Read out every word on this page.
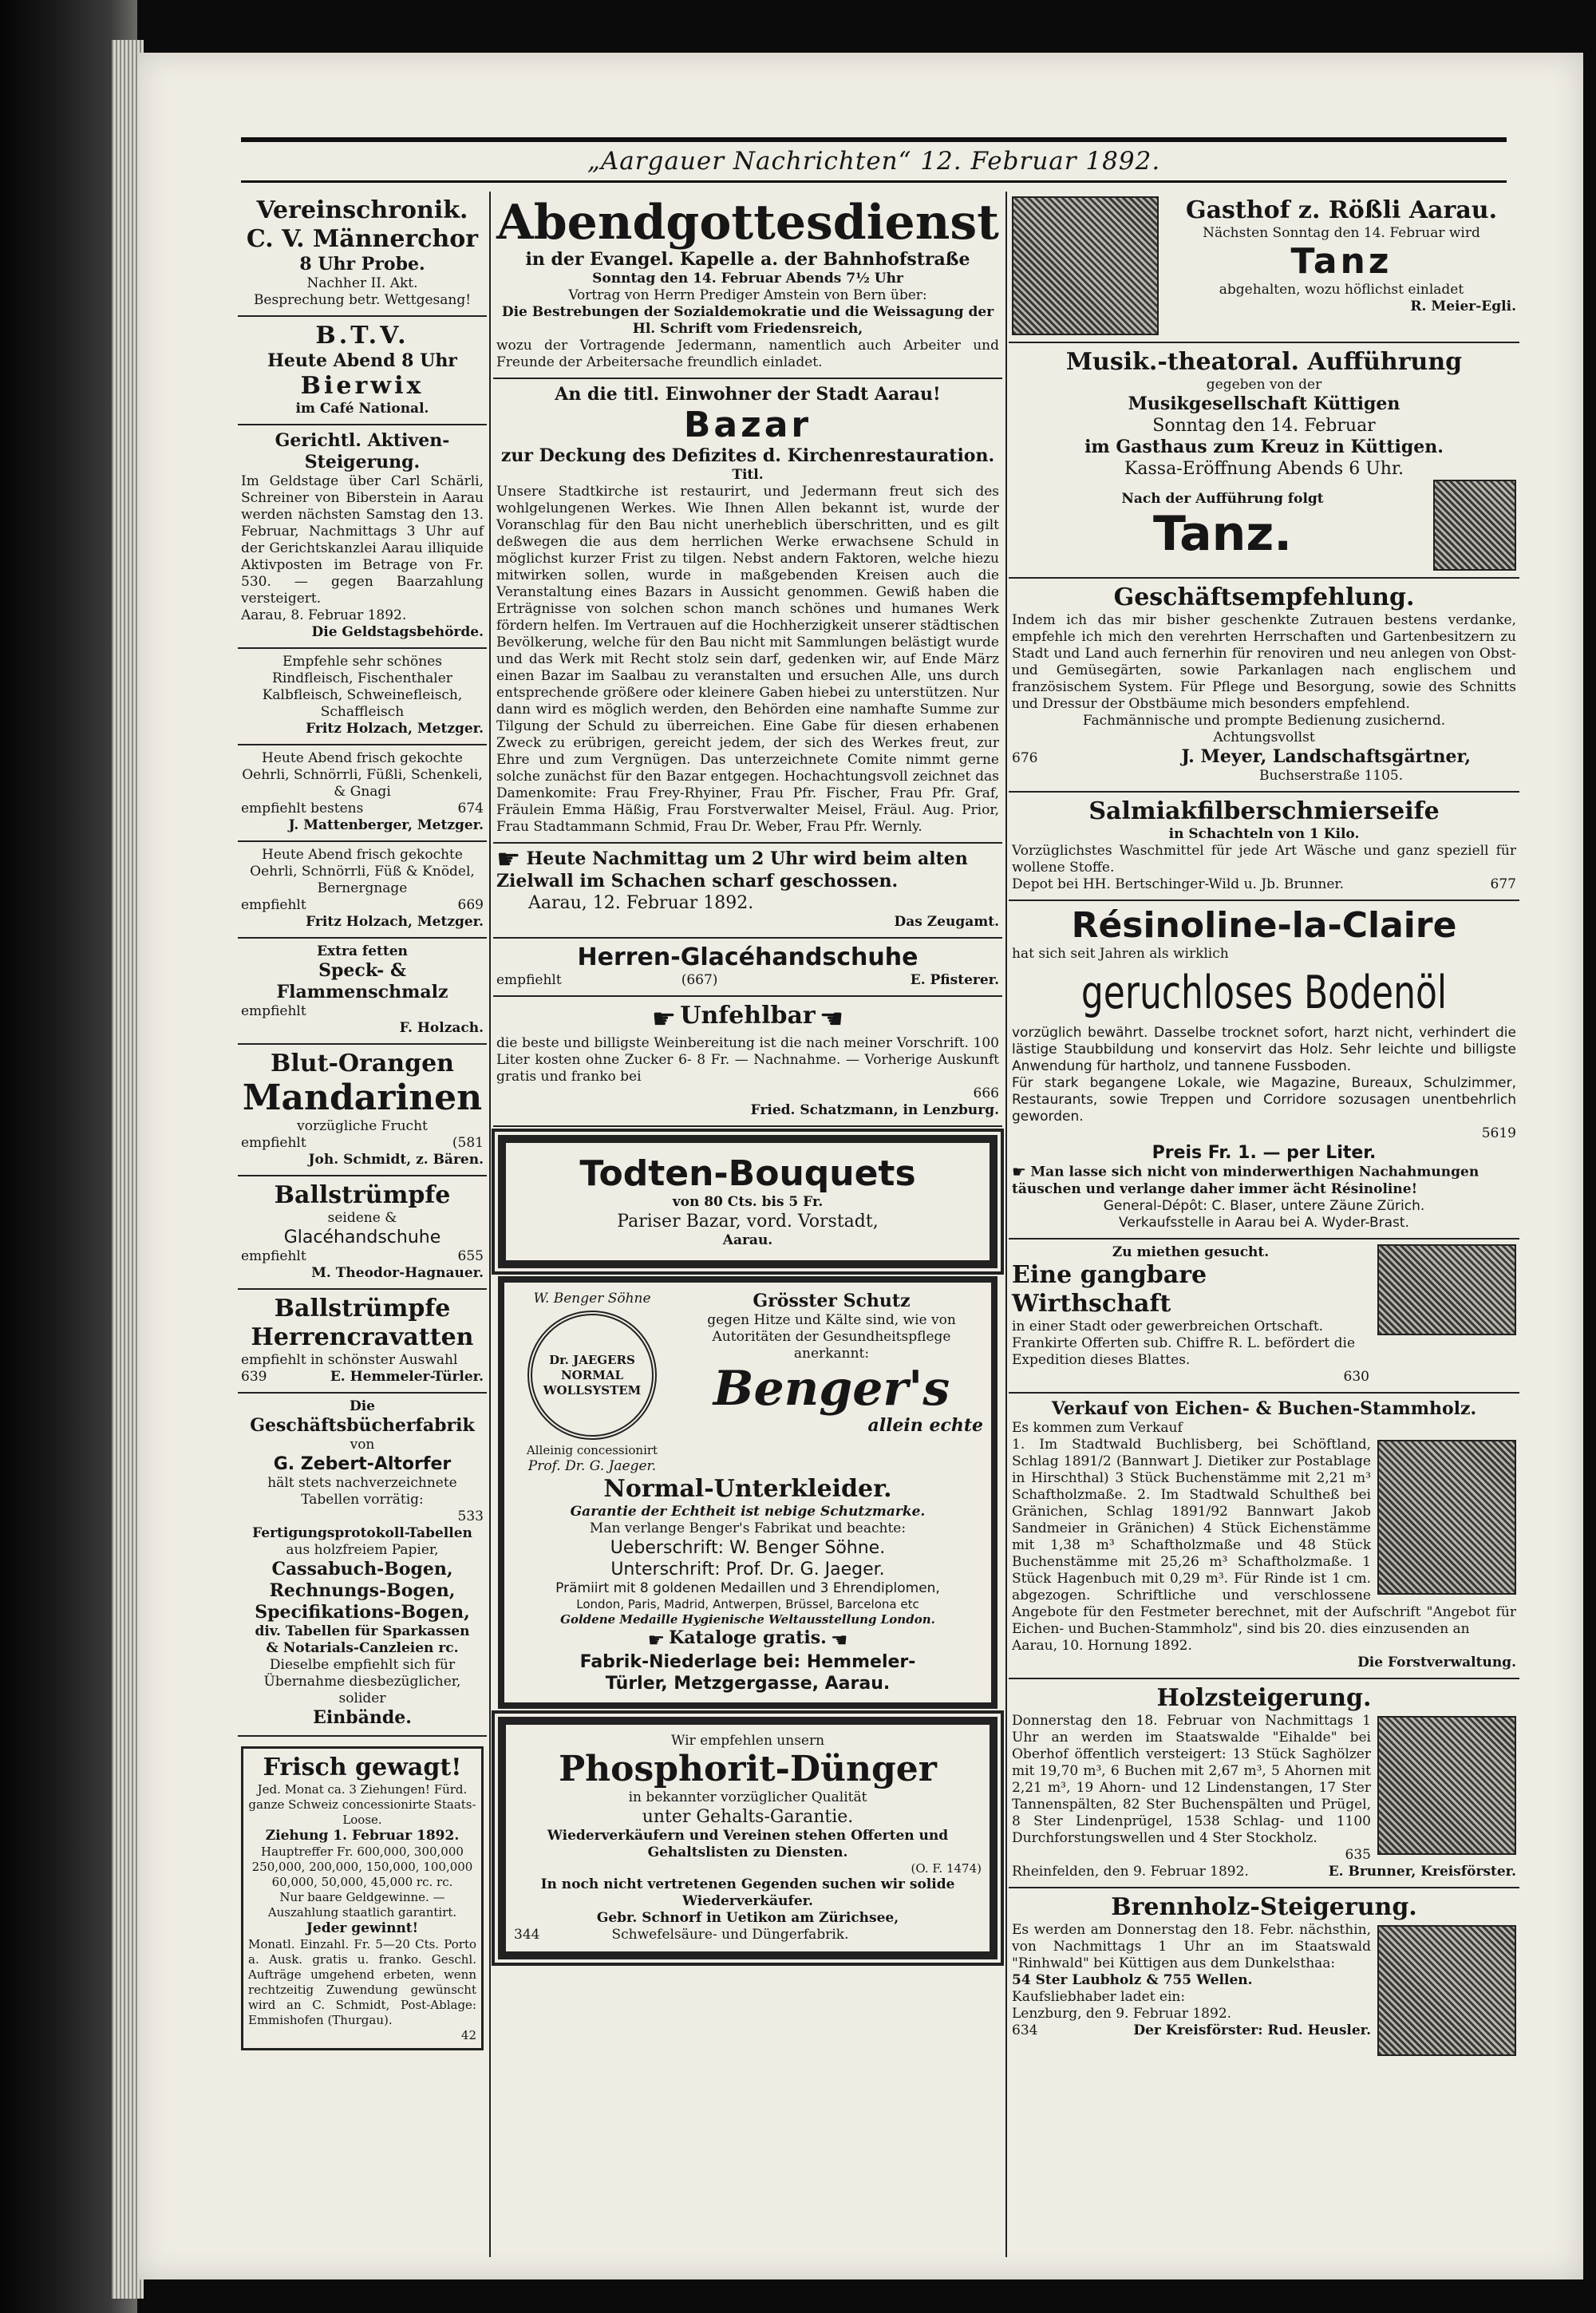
„Aargauer Nachrichten“ 12. Februar 1892.
Vereinschronik.
C. V. Männerchor
8 Uhr Probe.
Nachher II. Akt.
Besprechung betr. Wettgesang!
B.T.V.
Heute Abend 8 Uhr
Bierwix
im Café National.
Gerichtl. Aktiven-Steigerung.
Im Geldstage über Carl Schärli, Schreiner von Biberstein in Aarau werden nächsten Samstag den 13. Februar, Nachmittags 3 Uhr auf der Gerichtskanzlei Aarau illiquide Aktivposten im Betrage von Fr. 530. — gegen Baarzahlung versteigert.
Aarau, 8. Februar 1892.
Die Geldstagsbehörde.
Empfehle sehr schönes Rindfleisch, Fischenthaler Kalbfleisch, Schweinefleisch, Schaffleisch
Fritz Holzach, Metzger.
Heute Abend frisch gekochte Oehrli, Schnörrli, Füßli, Schenkeli, & Gnagi
empfiehlt bestens	674
J. Mattenberger, Metzger.
Heute Abend frisch gekochte Oehrli, Schnörrli, Füß & Knödel, Bernergnage
empfiehlt	669
Fritz Holzach, Metzger.
Extra fetten
Speck- & Flammenschmalz
empfiehlt
F. Holzach.
Blut-Orangen
Mandarinen
vorzügliche Frucht
empfiehlt	(581
Joh. Schmidt, z. Bären.
Ballstrümpfe
seidene &
Glacéhandschuhe
empfiehlt	655
M. Theodor-Hagnauer.
Ballstrümpfe
Herrencravatten
empfiehlt in schönster Auswahl
639	E. Hemmeler-Türler.
Die
Geschäftsbücherfabrik
von
G. Zebert-Altorfer
hält stets nachverzeichnete Tabellen vorrätig:
533
Fertigungsprotokoll-Tabellen
aus holzfreiem Papier,
Cassabuch-Bogen,
Rechnungs-Bogen,
Specifikations-Bogen,
div. Tabellen für Sparkassen
& Notarials-Canzleien rc.
Dieselbe empfiehlt sich für Übernahme diesbezüglicher, solider
Einbände.
Frisch gewagt!
Jed. Monat ca. 3 Ziehungen! Fürd. ganze Schweiz concessionirte Staats-Loose.
Ziehung 1. Februar 1892.
Hauptreffer Fr. 600,000, 300,000 250,000, 200,000, 150,000, 100,000 60,000, 50,000, 45,000 rc. rc.
Nur baare Geldgewinne. — Auszahlung staatlich garantirt.
Jeder gewinnt!
Monatl. Einzahl. Fr. 5—20 Cts. Porto a. Ausk. gratis u. franko. Geschl. Aufträge umgehend erbeten, wenn rechtzeitig Zuwendung gewünscht wird an C. Schmidt, Post-Ablage: Emmishofen (Thurgau).
42
Abendgottesdienst
in der Evangel. Kapelle a. der Bahnhofstraße
Sonntag den 14. Februar Abends 7½ Uhr
Vortrag von Herrn Prediger Amstein von Bern über:
Die Bestrebungen der Sozialdemokratie und die Weissagung der Hl. Schrift vom Friedensreich,
wozu der Vortragende Jedermann, namentlich auch Arbeiter und Freunde der Arbeitersache freundlich einladet.
An die titl. Einwohner der Stadt Aarau!
Bazar
zur Deckung des Defizites d. Kirchenrestauration.
Titl.
Unsere Stadtkirche ist restaurirt, und Jedermann freut sich des wohlgelungenen Werkes. Wie Ihnen Allen bekannt ist, wurde der Voranschlag für den Bau nicht unerheblich überschritten, und es gilt deßwegen die aus dem herrlichen Werke erwachsene Schuld in möglichst kurzer Frist zu tilgen. Nebst andern Faktoren, welche hiezu mitwirken sollen, wurde in maßgebenden Kreisen auch die Veranstaltung eines Bazars in Aussicht genommen. Gewiß haben die Erträgnisse von solchen schon manch schönes und humanes Werk fördern helfen. Im Vertrauen auf die Hochherzigkeit unserer städtischen Bevölkerung, welche für den Bau nicht mit Sammlungen belästigt wurde und das Werk mit Recht stolz sein darf, gedenken wir, auf Ende März einen Bazar im Saalbau zu veranstalten und ersuchen Alle, uns durch entsprechende größere oder kleinere Gaben hiebei zu unterstützen. Nur dann wird es möglich werden, den Behörden eine namhafte Summe zur Tilgung der Schuld zu überreichen. Eine Gabe für diesen erhabenen Zweck zu erübrigen, gereicht jedem, der sich des Werkes freut, zur Ehre und zum Vergnügen. Das unterzeichnete Comite nimmt gerne solche zunächst für den Bazar entgegen. Hochachtungsvoll zeichnet das Damenkomite: Frau Frey-Rhyiner, Frau Pfr. Fischer, Frau Pfr. Graf, Fräulein Emma Häßig, Frau Forstverwalter Meisel, Fräul. Aug. Prior, Frau Stadtammann Schmid, Frau Dr. Weber, Frau Pfr. Wernly.
☛ Heute Nachmittag um 2 Uhr wird beim alten Zielwall im Schachen scharf geschossen.
Aarau, 12. Februar 1892.
Das Zeugamt.
Herren-Glacéhandschuhe
empfiehlt	(667)	E. Pfisterer.
☛ Unfehlbar ☚
die beste und billigste Weinbereitung ist die nach meiner Vorschrift. 100 Liter kosten ohne Zucker 6- 8 Fr. — Nachnahme. — Vorherige Auskunft gratis und franko bei
666
Fried. Schatzmann, in Lenzburg.
Todten-Bouquets
von 80 Cts. bis 5 Fr.
Pariser Bazar, vord. Vorstadt,
Aarau.
W. Benger Söhne
Dr. JAEGERS NORMAL WOLLSYSTEM
Alleinig concessionirt
Prof. Dr. G. Jaeger.
Grösster Schutz
gegen Hitze und Kälte sind, wie von Autoritäten der Gesundheitspflege anerkannt:
Benger's
allein echte
Normal-Unterkleider.
Garantie der Echtheit ist nebige Schutzmarke.
Man verlange Benger's Fabrikat und beachte:
Ueberschrift: W. Benger Söhne.
Unterschrift: Prof. Dr. G. Jaeger.
Prämiirt mit 8 goldenen Medaillen und 3 Ehrendiplomen,
London, Paris, Madrid, Antwerpen, Brüssel, Barcelona etc
Goldene Medaille Hygienische Weltausstellung London.
☛ Kataloge gratis. ☚
Fabrik-Niederlage bei: Hemmeler-
Türler, Metzgergasse, Aarau.
Wir empfehlen unsern
Phosphorit-Dünger
in bekannter vorzüglicher Qualität
unter Gehalts-Garantie.
Wiederverkäufern und Vereinen stehen Offerten und Gehaltslisten zu Diensten.
(O. F. 1474)
In noch nicht vertretenen Gegenden suchen wir solide Wiederverkäufer.
Gebr. Schnorf in Uetikon am Zürichsee,
344	Schwefelsäure- und Düngerfabrik.
Gasthof z. Rößli Aarau.
Nächsten Sonntag den 14. Februar wird
Tanz
abgehalten, wozu höflichst einladet
R. Meier-Egli.
Musik.-theatoral. Aufführung
gegeben von der
Musikgesellschaft Küttigen
Sonntag den 14. Februar
im Gasthaus zum Kreuz in Küttigen.
Kassa-Eröffnung Abends 6 Uhr.
Nach der Aufführung folgt
Tanz.
Geschäftsempfehlung.
Indem ich das mir bisher geschenkte Zutrauen bestens verdanke, empfehle ich mich den verehrten Herrschaften und Gartenbesitzern zu Stadt und Land auch fernerhin für renoviren und neu anlegen von Obst- und Gemüsegärten, sowie Parkanlagen nach englischem und französischem System. Für Pflege und Besorgung, sowie des Schnitts und Dressur der Obstbäume mich besonders empfehlend.
Fachmännische und prompte Bedienung zusichernd.
Achtungsvollst
676	J. Meyer, Landschaftsgärtner,
Buchserstraße 1105.
Salmiakfilberschmierseife
in Schachteln von 1 Kilo.
Vorzüglichstes Waschmittel für jede Art Wäsche und ganz speziell für wollene Stoffe.
Depot bei HH. Bertschinger-Wild u. Jb. Brunner.	677
Résinoline-la-Claire
hat sich seit Jahren als wirklich
geruchloses Bodenöl
vorzüglich bewährt. Dasselbe trocknet sofort, harzt nicht, verhindert die lästige Staubbildung und konservirt das Holz. Sehr leichte und billigste Anwendung für hartholz, und tannene Fussboden.
Für stark begangene Lokale, wie Magazine, Bureaux, Schulzimmer, Restaurants, sowie Treppen und Corridore sozusagen unentbehrlich geworden.
5619
Preis Fr. 1. — per Liter.
☛ Man lasse sich nicht von minderwerthigen Nachahmungen täuschen und verlange daher immer ächt Résinoline!
General-Dépôt: C. Blaser, untere Zäune Zürich.
Verkaufsstelle in Aarau bei A. Wyder-Brast.
Zu miethen gesucht.
Eine gangbare Wirthschaft
in einer Stadt oder gewerbreichen Ortschaft. Frankirte Offerten sub. Chiffre R. L. befördert die Expedition dieses Blattes.
630
Verkauf von Eichen- & Buchen-Stammholz.
Es kommen zum Verkauf
1. Im Stadtwald Buchlisberg, bei Schöftland, Schlag 1891/2 (Bannwart J. Dietiker zur Postablage in Hirschthal) 3 Stück Buchenstämme mit 2,21 m³ Schaftholzmaße. 2. Im Stadtwald Schultheß bei Gränichen, Schlag 1891/92 Bannwart Jakob Sandmeier in Gränichen) 4 Stück Eichenstämme mit 1,38 m³ Schaftholzmaße und 48 Stück Buchenstämme mit 25,26 m³ Schaftholzmaße. 1 Stück Hagenbuch mit 0,29 m³. Für Rinde ist 1 cm. abgezogen. Schriftliche und verschlossene Angebote für den Festmeter berechnet, mit der Aufschrift "Angebot für Eichen- und Buchen-Stammholz", sind bis 20. dies einzusenden an
Aarau, 10. Hornung 1892.
Die Forstverwaltung.
Holzsteigerung.
Donnerstag den 18. Februar von Nachmittags 1 Uhr an werden im Staatswalde "Eihalde" bei Oberhof öffentlich versteigert: 13 Stück Saghölzer mit 19,70 m³, 6 Buchen mit 2,67 m³, 5 Ahornen mit 2,21 m³, 19 Ahorn- und 12 Lindenstangen, 17 Ster Tannenspälten, 82 Ster Buchenspälten und Prügel, 8 Ster Lindenprügel, 1538 Schlag- und 1100 Durchforstungswellen und 4 Ster Stockholz.
635
Rheinfelden, den 9. Februar 1892.	E. Brunner, Kreisförster.
Brennholz-Steigerung.
Es werden am Donnerstag den 18. Febr. nächsthin, von Nachmittags 1 Uhr an im Staatswald "Rinhwald" bei Küttigen aus dem Dunkelsthaa:
54 Ster Laubholz & 755 Wellen.
Kaufsliebhaber ladet ein:
Lenzburg, den 9. Februar 1892.
634	Der Kreisförster: Rud. Heusler.
